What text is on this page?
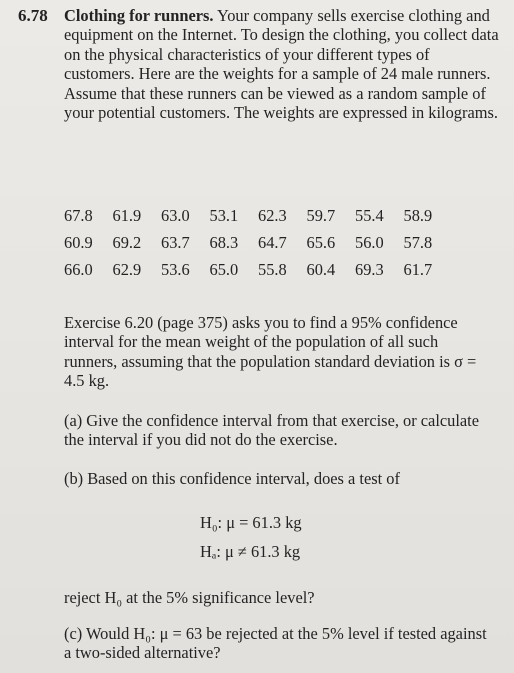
6.78 Clothing for runners. Your company sells exercise clothing and equipment on the Internet. To design the clothing, you collect data on the physical characteristics of your different types of customers. Here are the weights for a sample of 24 male runners. Assume that these runners can be viewed as a random sample of your potential customers. The weights are expressed in kilograms.
67.8	61.9	63.0	53.1	62.3	59.7	55.4	58.9
60.9	69.2	63.7	68.3	64.7	65.6	56.0	57.8
66.0	62.9	53.6	65.0	55.8	60.4	69.3	61.7
Exercise 6.20 (page 375) asks you to find a 95% confidence interval for the mean weight of the population of all such runners, assuming that the population standard deviation is σ = 4.5 kg.
(a) Give the confidence interval from that exercise, or calculate the interval if you did not do the exercise.
(b) Based on this confidence interval, does a test of
H₀: μ = 61.3 kg
Hₐ: μ ≠ 61.3 kg
reject H₀ at the 5% significance level?
(c) Would H₀: μ = 63 be rejected at the 5% level if tested against a two-sided alternative?
